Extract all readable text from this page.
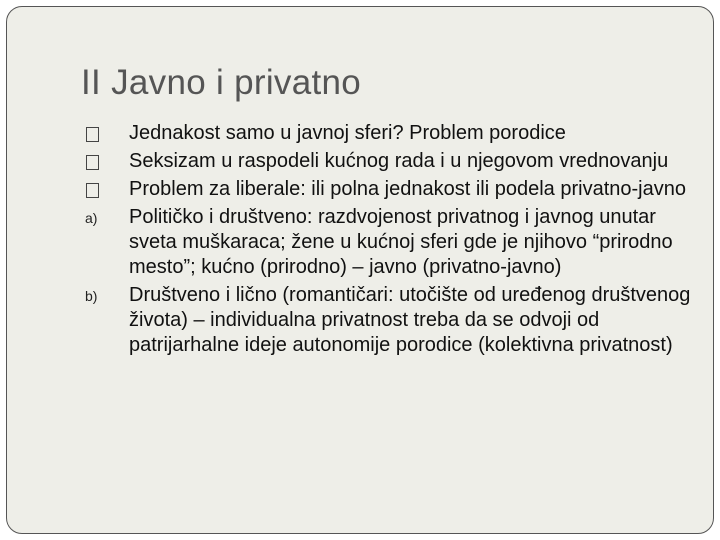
II Javno i privatno
Jednakost samo u javnoj sferi? Problem porodice
Seksizam u raspodeli kućnog rada i u njegovom vrednovanju
Problem za liberale: ili polna jednakost ili podela privatno-javno
a)	Političko i društveno: razdvojenost privatnog i javnog unutar sveta muškaraca; žene u kućnoj sferi gde je njihovo “prirodno mesto”; kućno (prirodno) – javno (privatno-javno)
b)	Društveno i lično (romantičari: utočište od uređenog društvenog života) – individualna privatnost treba da se odvoji od patrijarhalne ideje autonomije porodice (kolektivna privatnost)
